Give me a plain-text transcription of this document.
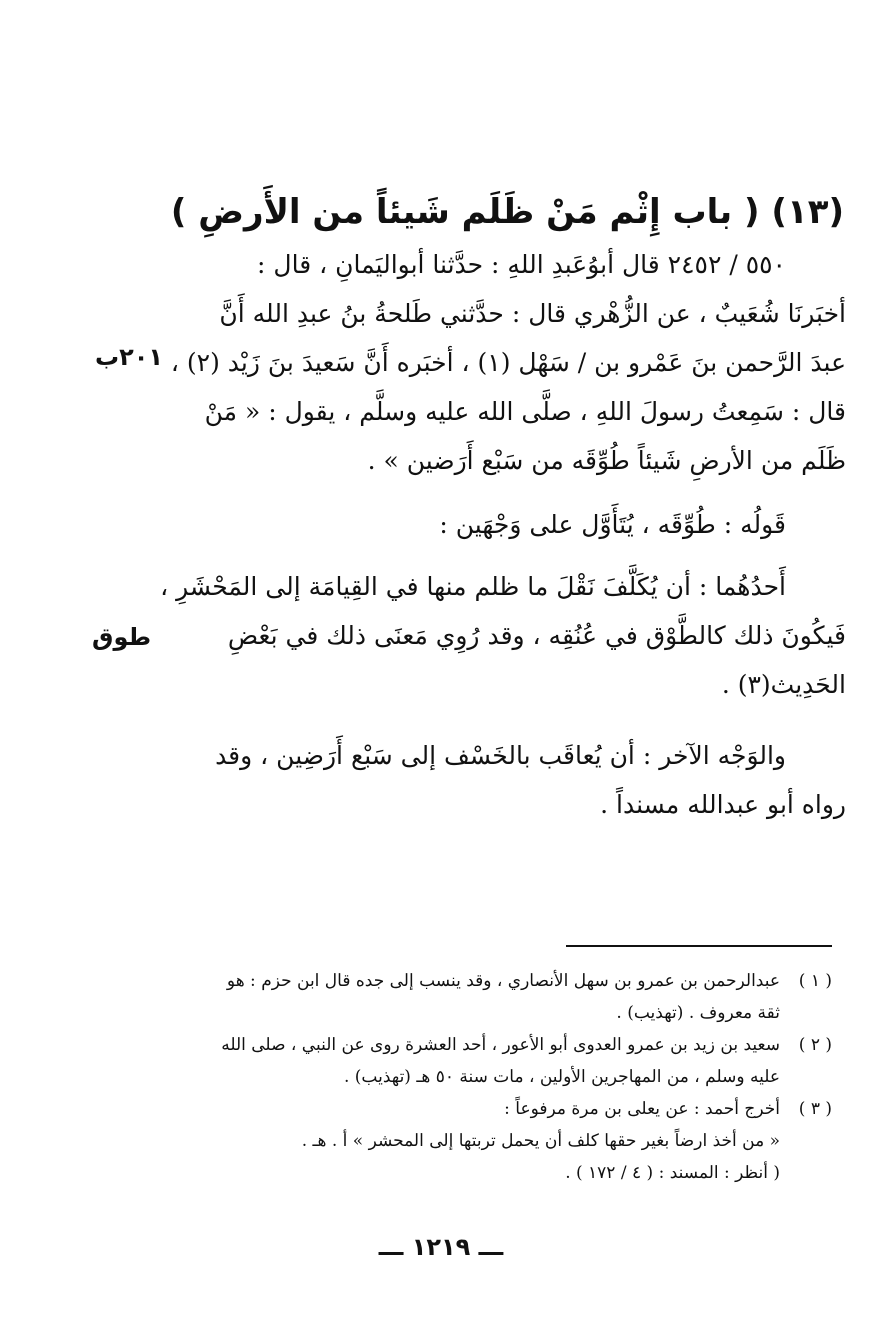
(١٣) ( باب إِثْم مَنْ ظَلَم شَيئاً من الأَرضِ )
٥٥٠ / ٢٤٥٢ قال أبوُعَبدِ اللهِ : حدَّثنا أبواليَمانِ ، قال :
أخبَرنَا شُعَيبٌ ، عن الزُّهْري قال : حدَّثني طَلحةُ بنُ عبدِ الله أَنَّ
عبدَ الرَّحمن بنَ عَمْرو بن / سَهْل (١) ، أخبَره أَنَّ سَعيدَ بنَ زَيْد (٢) ،
قال : سَمِعتُ رسولَ اللهِ ، صلَّى الله عليه وسلَّم ، يقول : « مَنْ
ظَلَم من الأرضِ شَيئاً طُوِّقَه من سَبْع أَرَضين » .
٢٠١ب
قَولُه : طُوِّقَه ، يُتَأَوَّل على وَجْهَين :
أَحدُهُما : أن يُكَلَّفَ نَقْلَ ما ظلم منها في القِيامَة إلى المَحْشَرِ ،
فَيكُونَ ذلك كالطَّوْق في عُنُقِه ، وقد رُوِي مَعنَى ذلك في بَعْضِ
الحَدِيث(٣) .
طوق
والوَجْه الآخر : أن يُعاقَب بالخَسْف إلى سَبْع أَرَضِين ، وقد
رواه أبو عبدالله مسنداً .
( ١ )
عبدالرحمن بن عمرو بن سهل الأنصاري ، وقد ينسب إلى جده قال ابن حزم : هو
ثقة معروف . (تهذيب) .
( ٢ )
سعيد بن زيد بن عمرو العدوى أبو الأعور ، أحد العشرة روى عن النبي ، صلى الله
عليه وسلم ، من المهاجرين الأولين ، مات سنة ٥٠ هـ (تهذيب) .
( ٣ )
أخرج أحمد : عن يعلى بن مرة مرفوعاً :
« من أخذ ارضاً بغير حقها كلف أن يحمل تربتها إلى المحشر » أ . هـ .
( أنظر : المسند : ( ٤ / ١٧٢ ) .
ـــ ١٢١٩ ـــ
